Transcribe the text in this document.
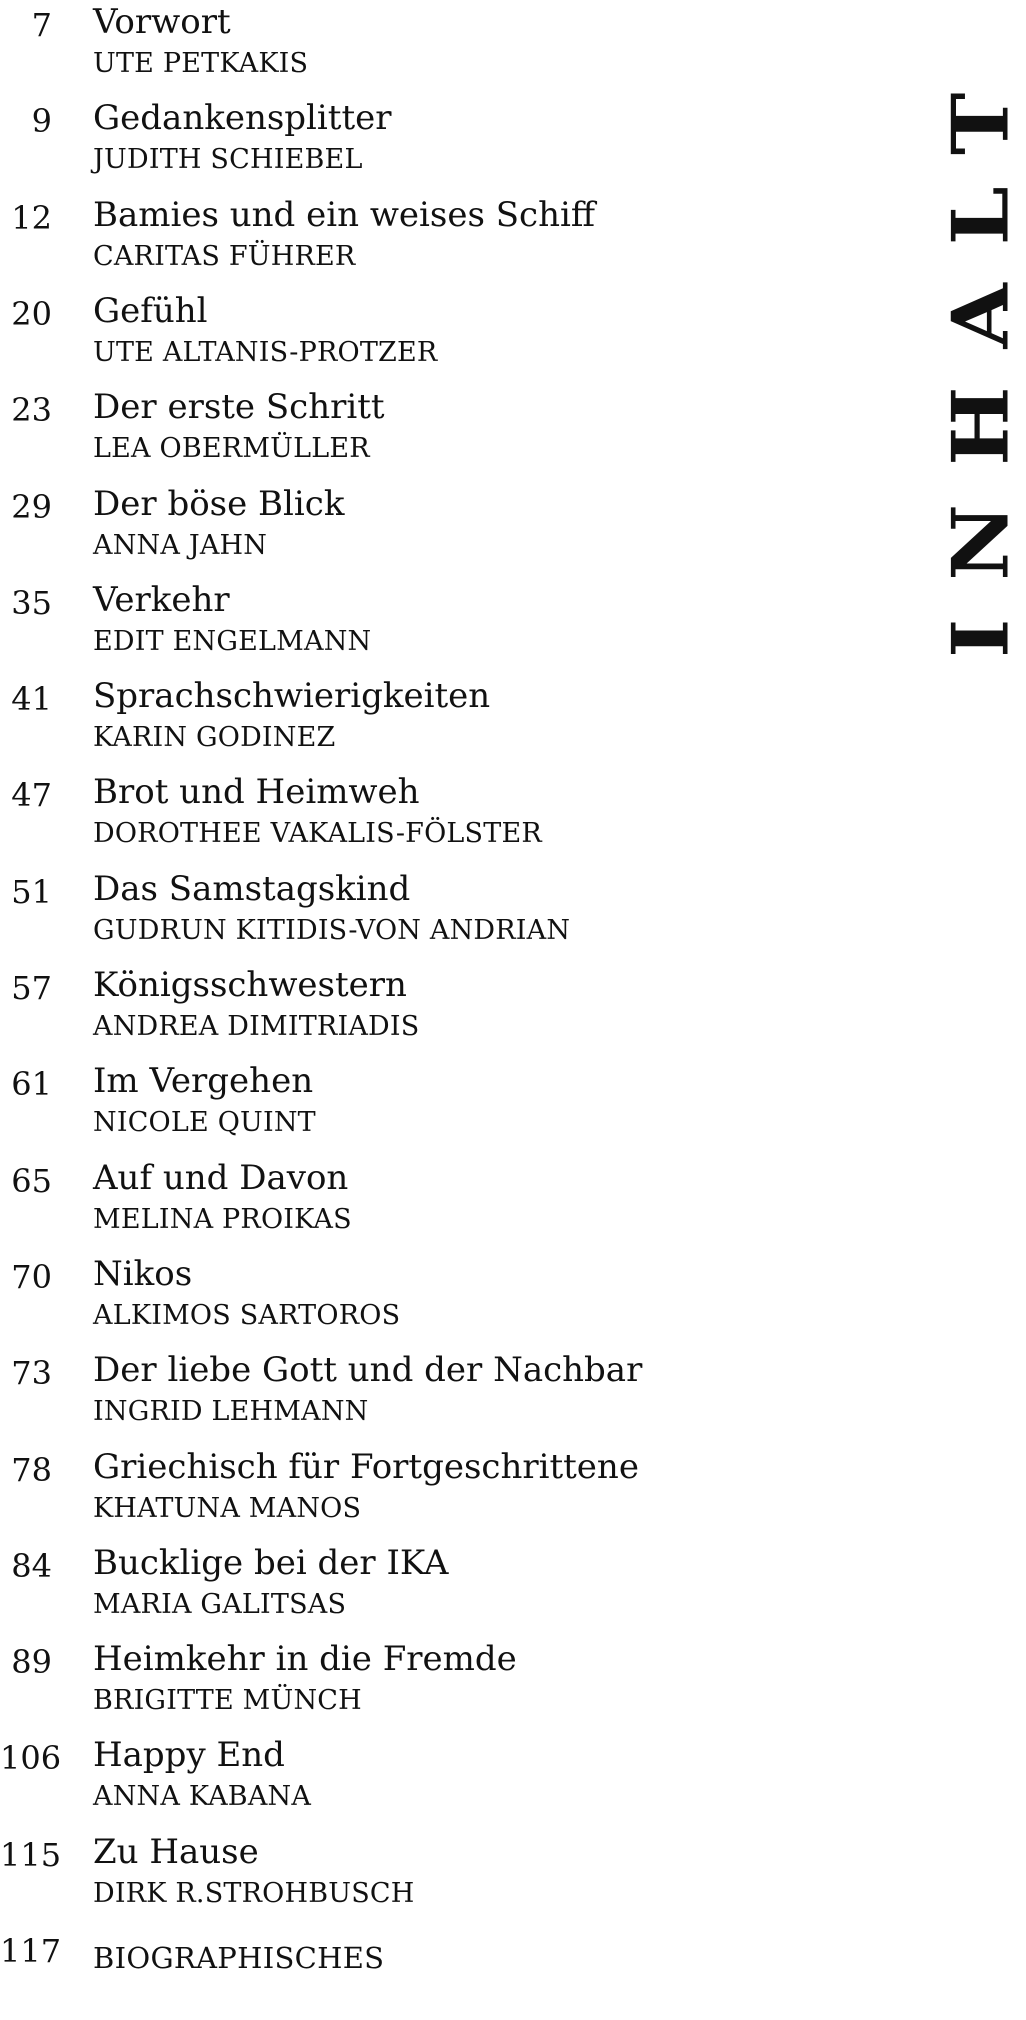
7 Vorwort
UTE PETKAKIS
9 Gedankensplitter
JUDITH SCHIEBEL
12 Bamies und ein weises Schiff
CARITAS FÜHRER
20 Gefühl
UTE ALTANIS-PROTZER
23 Der erste Schritt
LEA OBERMÜLLER
29 Der böse Blick
ANNA JAHN
35 Verkehr
EDIT ENGELMANN
41 Sprachschwierigkeiten
KARIN GODINEZ
47 Brot und Heimweh
DOROTHEE VAKALIS-FÖLSTER
51 Das Samstagskind
GUDRUN KITIDIS-VON ANDRIAN
57 Königsschwestern
ANDREA DIMITRIADIS
61 Im Vergehen
NICOLE QUINT
65 Auf und Davon
MELINA PROIKAS
70 Nikos
ALKIMOS SARTOROS
73 Der liebe Gott und der Nachbar
INGRID LEHMANN
78 Griechisch für Fortgeschrittene
KHATUNA MANOS
84 Bucklige bei der IKA
MARIA GALITSAS
89 Heimkehr in die Fremde
BRIGITTE MÜNCH
106 Happy End
ANNA KABANA
115 Zu Hause
DIRK R.STROHBUSCH
117 BIOGRAPHISCHES
INHALT
